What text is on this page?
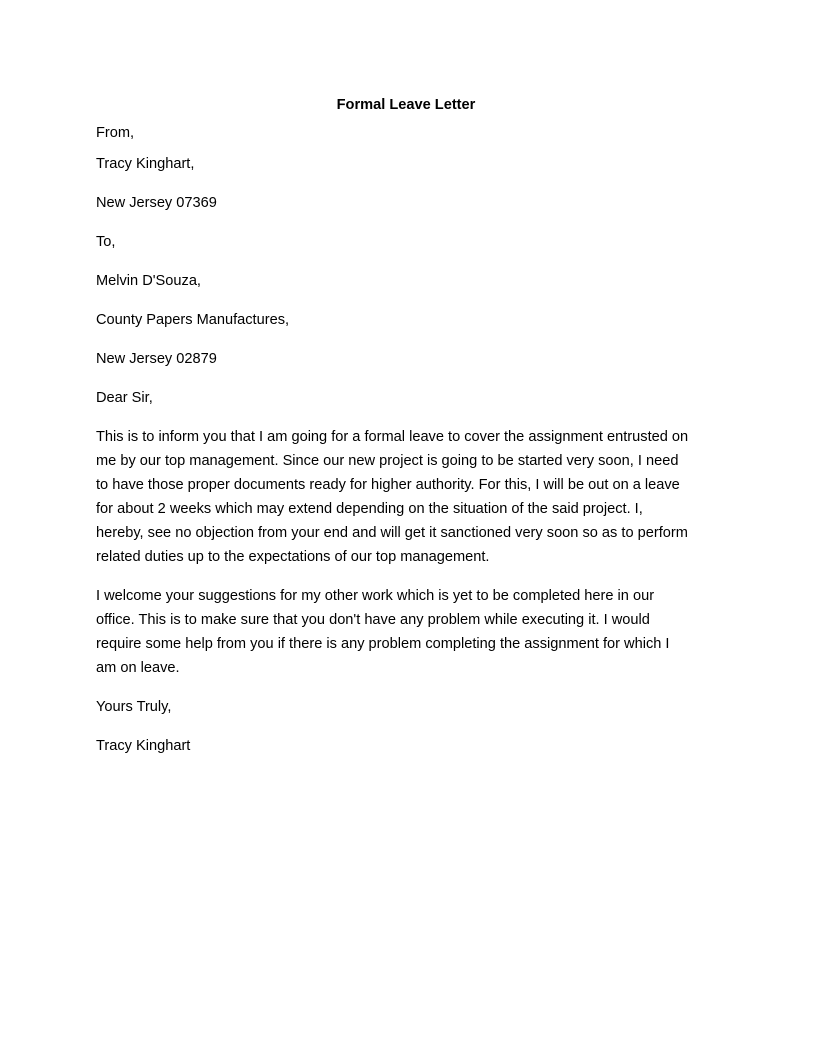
Formal Leave Letter
From,
Tracy Kinghart,
New Jersey 07369
To,
Melvin D'Souza,
County Papers Manufactures,
New Jersey 02879
Dear Sir,
This is to inform you that I am going for a formal leave to cover the assignment entrusted on
me by our top management. Since our new project is going to be started very soon, I need
to have those proper documents ready for higher authority. For this, I will be out on a leave
for about 2 weeks which may extend depending on the situation of the said project. I,
hereby, see no objection from your end and will get it sanctioned very soon so as to perform
related duties up to the expectations of our top management.
I welcome your suggestions for my other work which is yet to be completed here in our
office. This is to make sure that you don't have any problem while executing it. I would
require some help from you if there is any problem completing the assignment for which I
am on leave.
Yours Truly,
Tracy Kinghart
